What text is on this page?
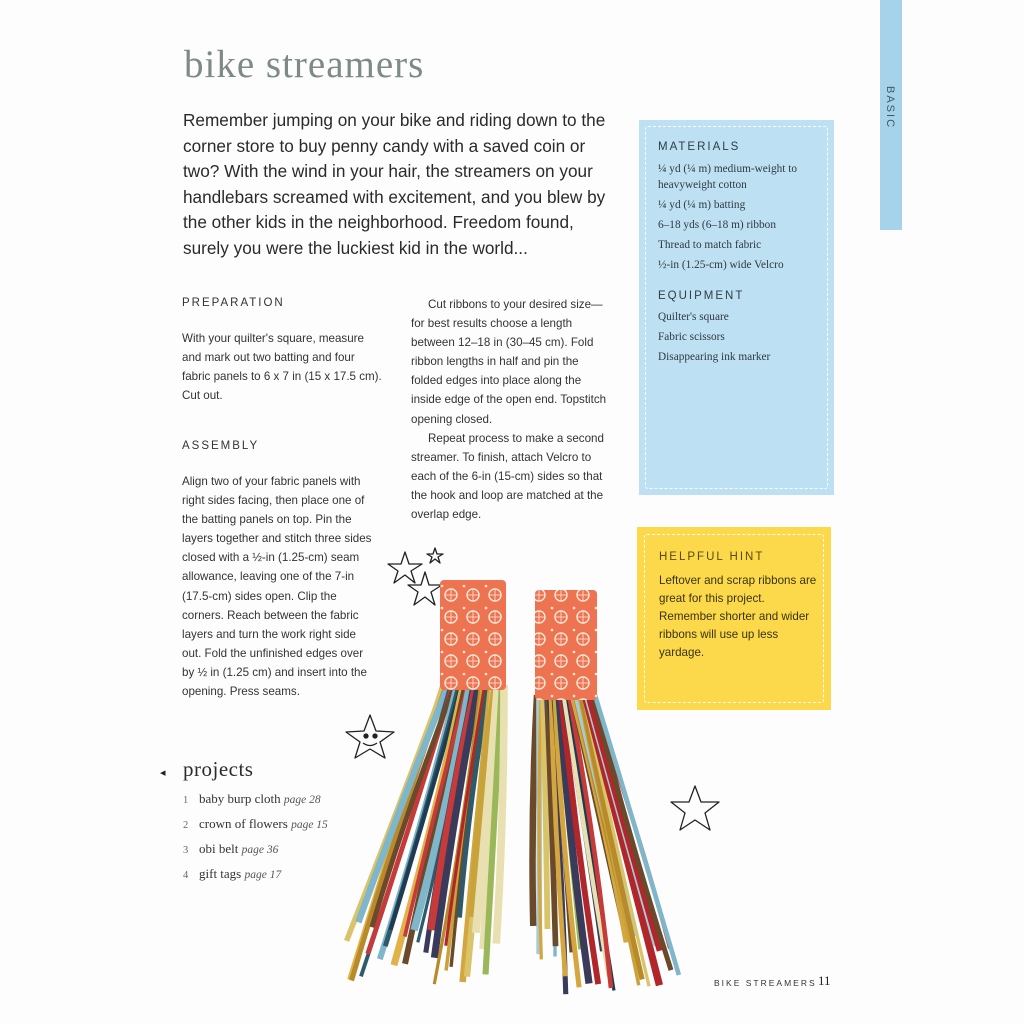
BASIC
bike streamers

Remember jumping on your bike and riding down to the corner store to buy penny candy with a saved coin or two? With the wind in your hair, the streamers on your handlebars screamed with excitement, and you blew by the other kids in the neighborhood. Freedom found, surely you were the luckiest kid in the world...

PREPARATION

With your quilter's square, measure and mark out two batting and four fabric panels to 6 x 7 in (15 x 17.5 cm). Cut out.

ASSEMBLY

Align two of your fabric panels with right sides facing, then place one of the batting panels on top. Pin the layers together and stitch three sides closed with a ½-in (1.25-cm) seam allowance, leaving one of the 7-in (17.5-cm) sides open. Clip the corners. Reach between the fabric layers and turn the work right side out. Fold the unfinished edges over by ½ in (1.25 cm) and insert into the opening. Press seams.

Cut ribbons to your desired size—for best results choose a length between 12–18 in (30–45 cm). Fold ribbon lengths in half and pin the folded edges into place along the inside edge of the open end. Topstitch opening closed.

Repeat process to make a second streamer. To finish, attach Velcro to each of the 6-in (15-cm) sides so that the hook and loop are matched at the overlap edge.

MATERIALS
¼ yd (¼ m) medium-weight to heavyweight cotton
¼ yd (¼ m) batting
6–18 yds (6–18 m) ribbon
Thread to match fabric
½-in (1.25-cm) wide Velcro
EQUIPMENT
Quilter's square
Fabric scissors
Disappearing ink marker
HELPFUL HINT

Leftover and scrap ribbons are great for this project. Remember shorter and wider ribbons will use up less yardage.

◂ projects
1 baby burp cloth page 28
2 crown of flowers page 15
3 obi belt page 36
4 gift tags page 17
BIKE STREAMERS 11
